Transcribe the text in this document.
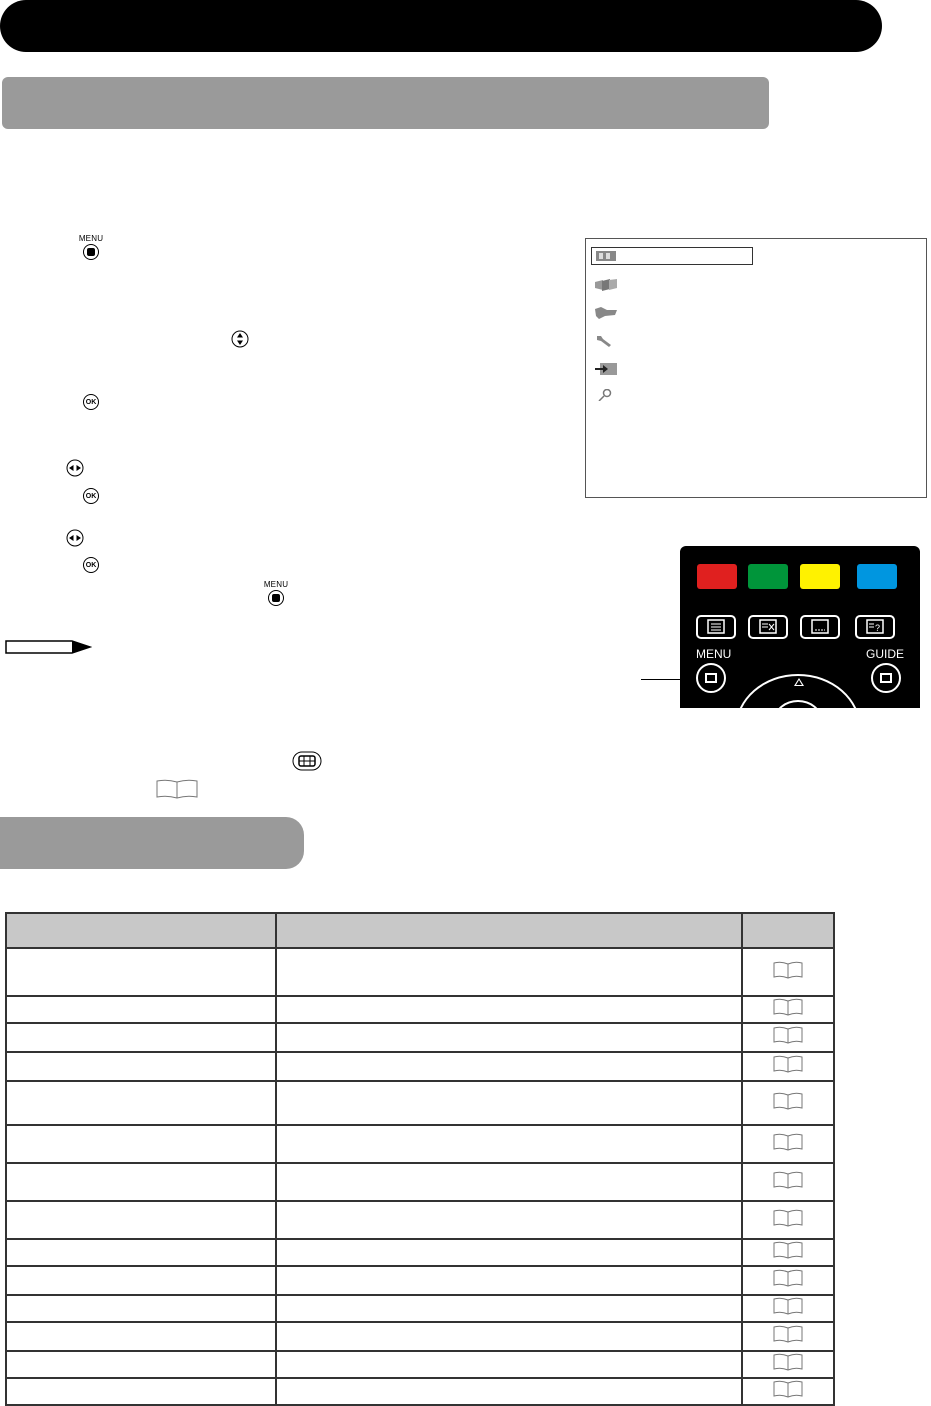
MENU
OK
OK
OK
MENU
?
MENU	GUIDE
